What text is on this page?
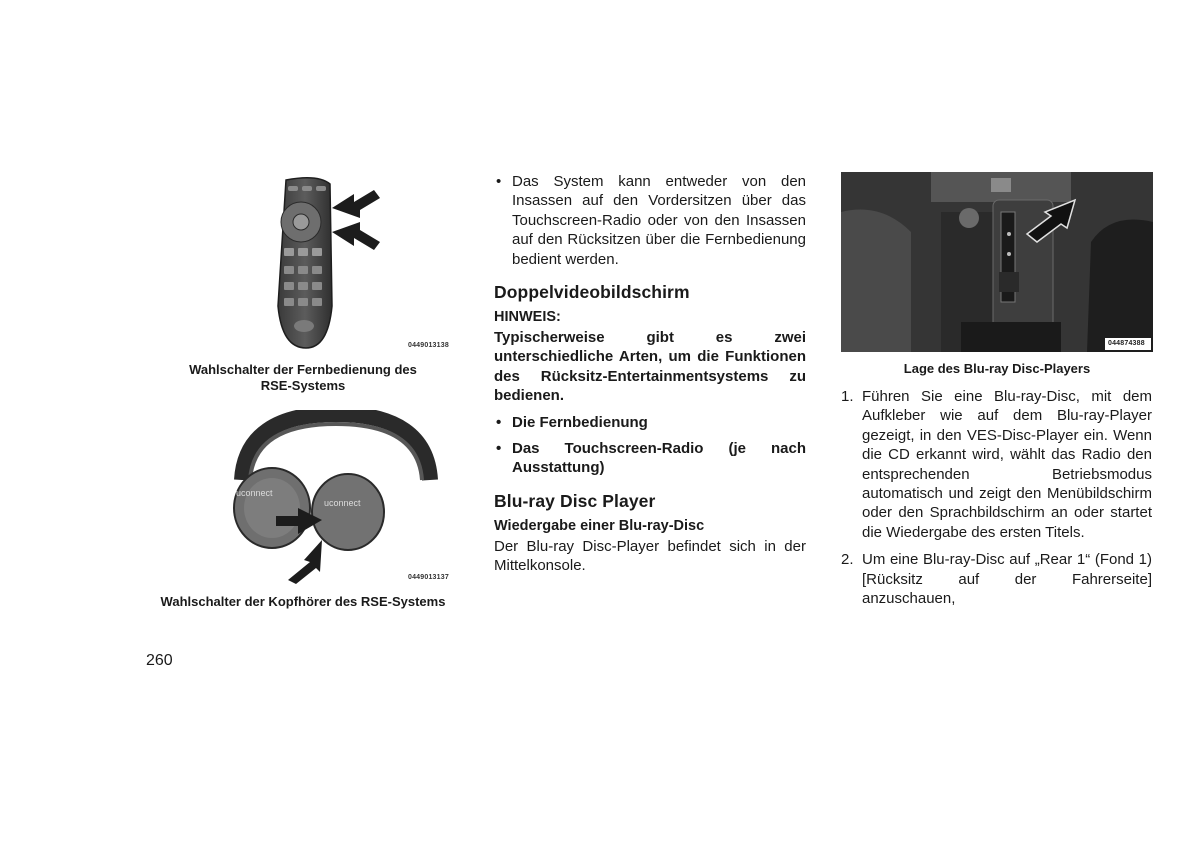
0449013138
Wahlschalter der Fernbedienung des RSE-Systems
uconnect
uconnect
0449013137
Wahlschalter der Kopfhörer des RSE-Systems
• Das System kann entweder von den Insassen auf den Vordersitzen über das Touchscreen-Radio oder von den Insassen auf den Rücksitzen über die Fernbedienung bedient werden.
Doppelvideobildschirm
HINWEIS:
Typischerweise gibt es zwei unterschiedliche Arten, um die Funktionen des Rücksitz-Entertainmentsystems zu bedienen.
• Die Fernbedienung
• Das Touchscreen-Radio (je nach Ausstattung)
Blu-ray Disc Player
Wiedergabe einer Blu-ray-Disc
Der Blu-ray Disc-Player befindet sich in der Mittelkonsole.
044874388
Lage des Blu-ray Disc-Players
1. Führen Sie eine Blu-ray-Disc, mit dem Aufkleber wie auf dem Blu-ray-Player gezeigt, in den VES-Disc-Player ein. Wenn die CD erkannt wird, wählt das Radio den entsprechenden Betriebsmodus automatisch und zeigt den Menübildschirm oder den Sprachbildschirm an oder startet die Wiedergabe des ersten Titels.
2. Um eine Blu-ray-Disc auf „Rear 1“ (Fond 1) [Rücksitz auf der Fahrerseite] anzuschauen,
260
